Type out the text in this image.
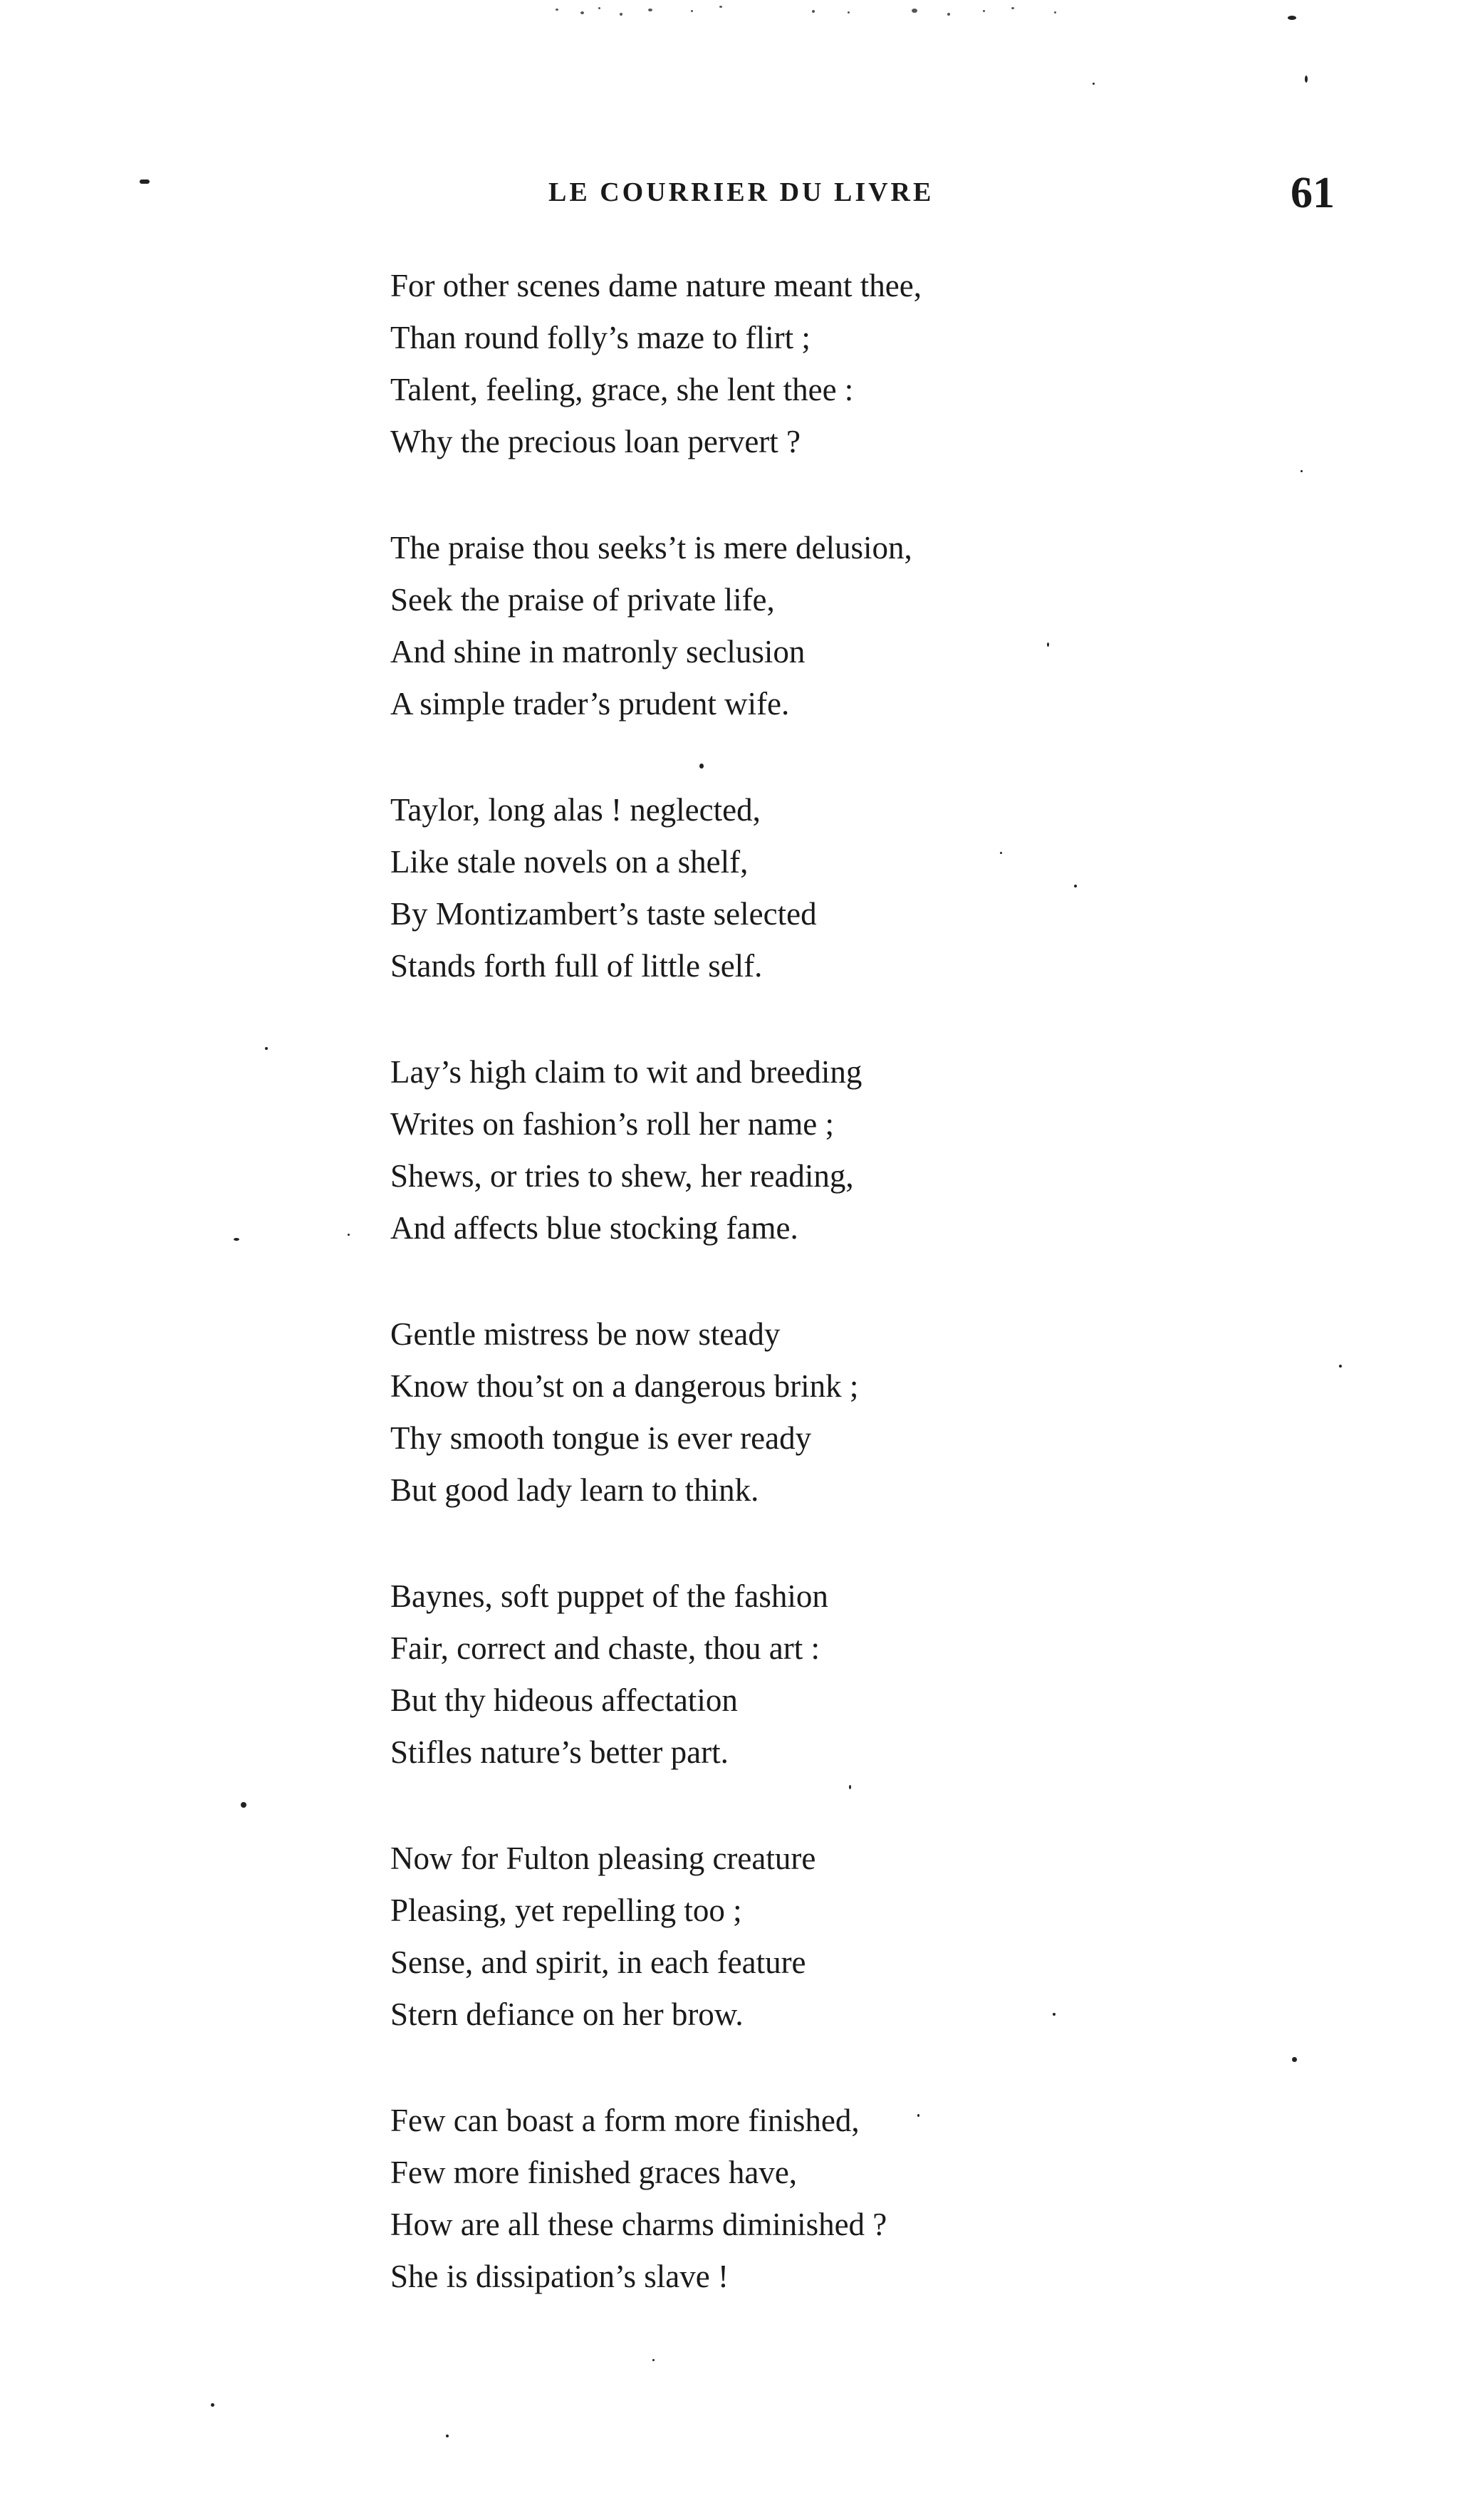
LE COURRIER DU LIVRE	61
For other scenes dame nature meant thee,
Than round folly’s maze to flirt ;
Talent, feeling, grace, she lent thee :
Why the precious loan pervert ?
The praise thou seeks’t is mere delusion,
Seek the praise of private life,
And shine in matronly seclusion
A simple trader’s prudent wife.
Taylor, long alas ! neglected,
Like stale novels on a shelf,
By Montizambert’s taste selected
Stands forth full of little self.
Lay’s high claim to wit and breeding
Writes on fashion’s roll her name ;
Shews, or tries to shew, her reading,
And affects blue stocking fame.
Gentle mistress be now steady
Know thou’st on a dangerous brink ;
Thy smooth tongue is ever ready
But good lady learn to think.
Baynes, soft puppet of the fashion
Fair, correct and chaste, thou art :
But thy hideous affectation
Stifles nature’s better part.
Now for Fulton pleasing creature
Pleasing, yet repelling too ;
Sense, and spirit, in each feature
Stern defiance on her brow.
Few can boast a form more finished,
Few more finished graces have,
How are all these charms diminished ?
She is dissipation’s slave !
